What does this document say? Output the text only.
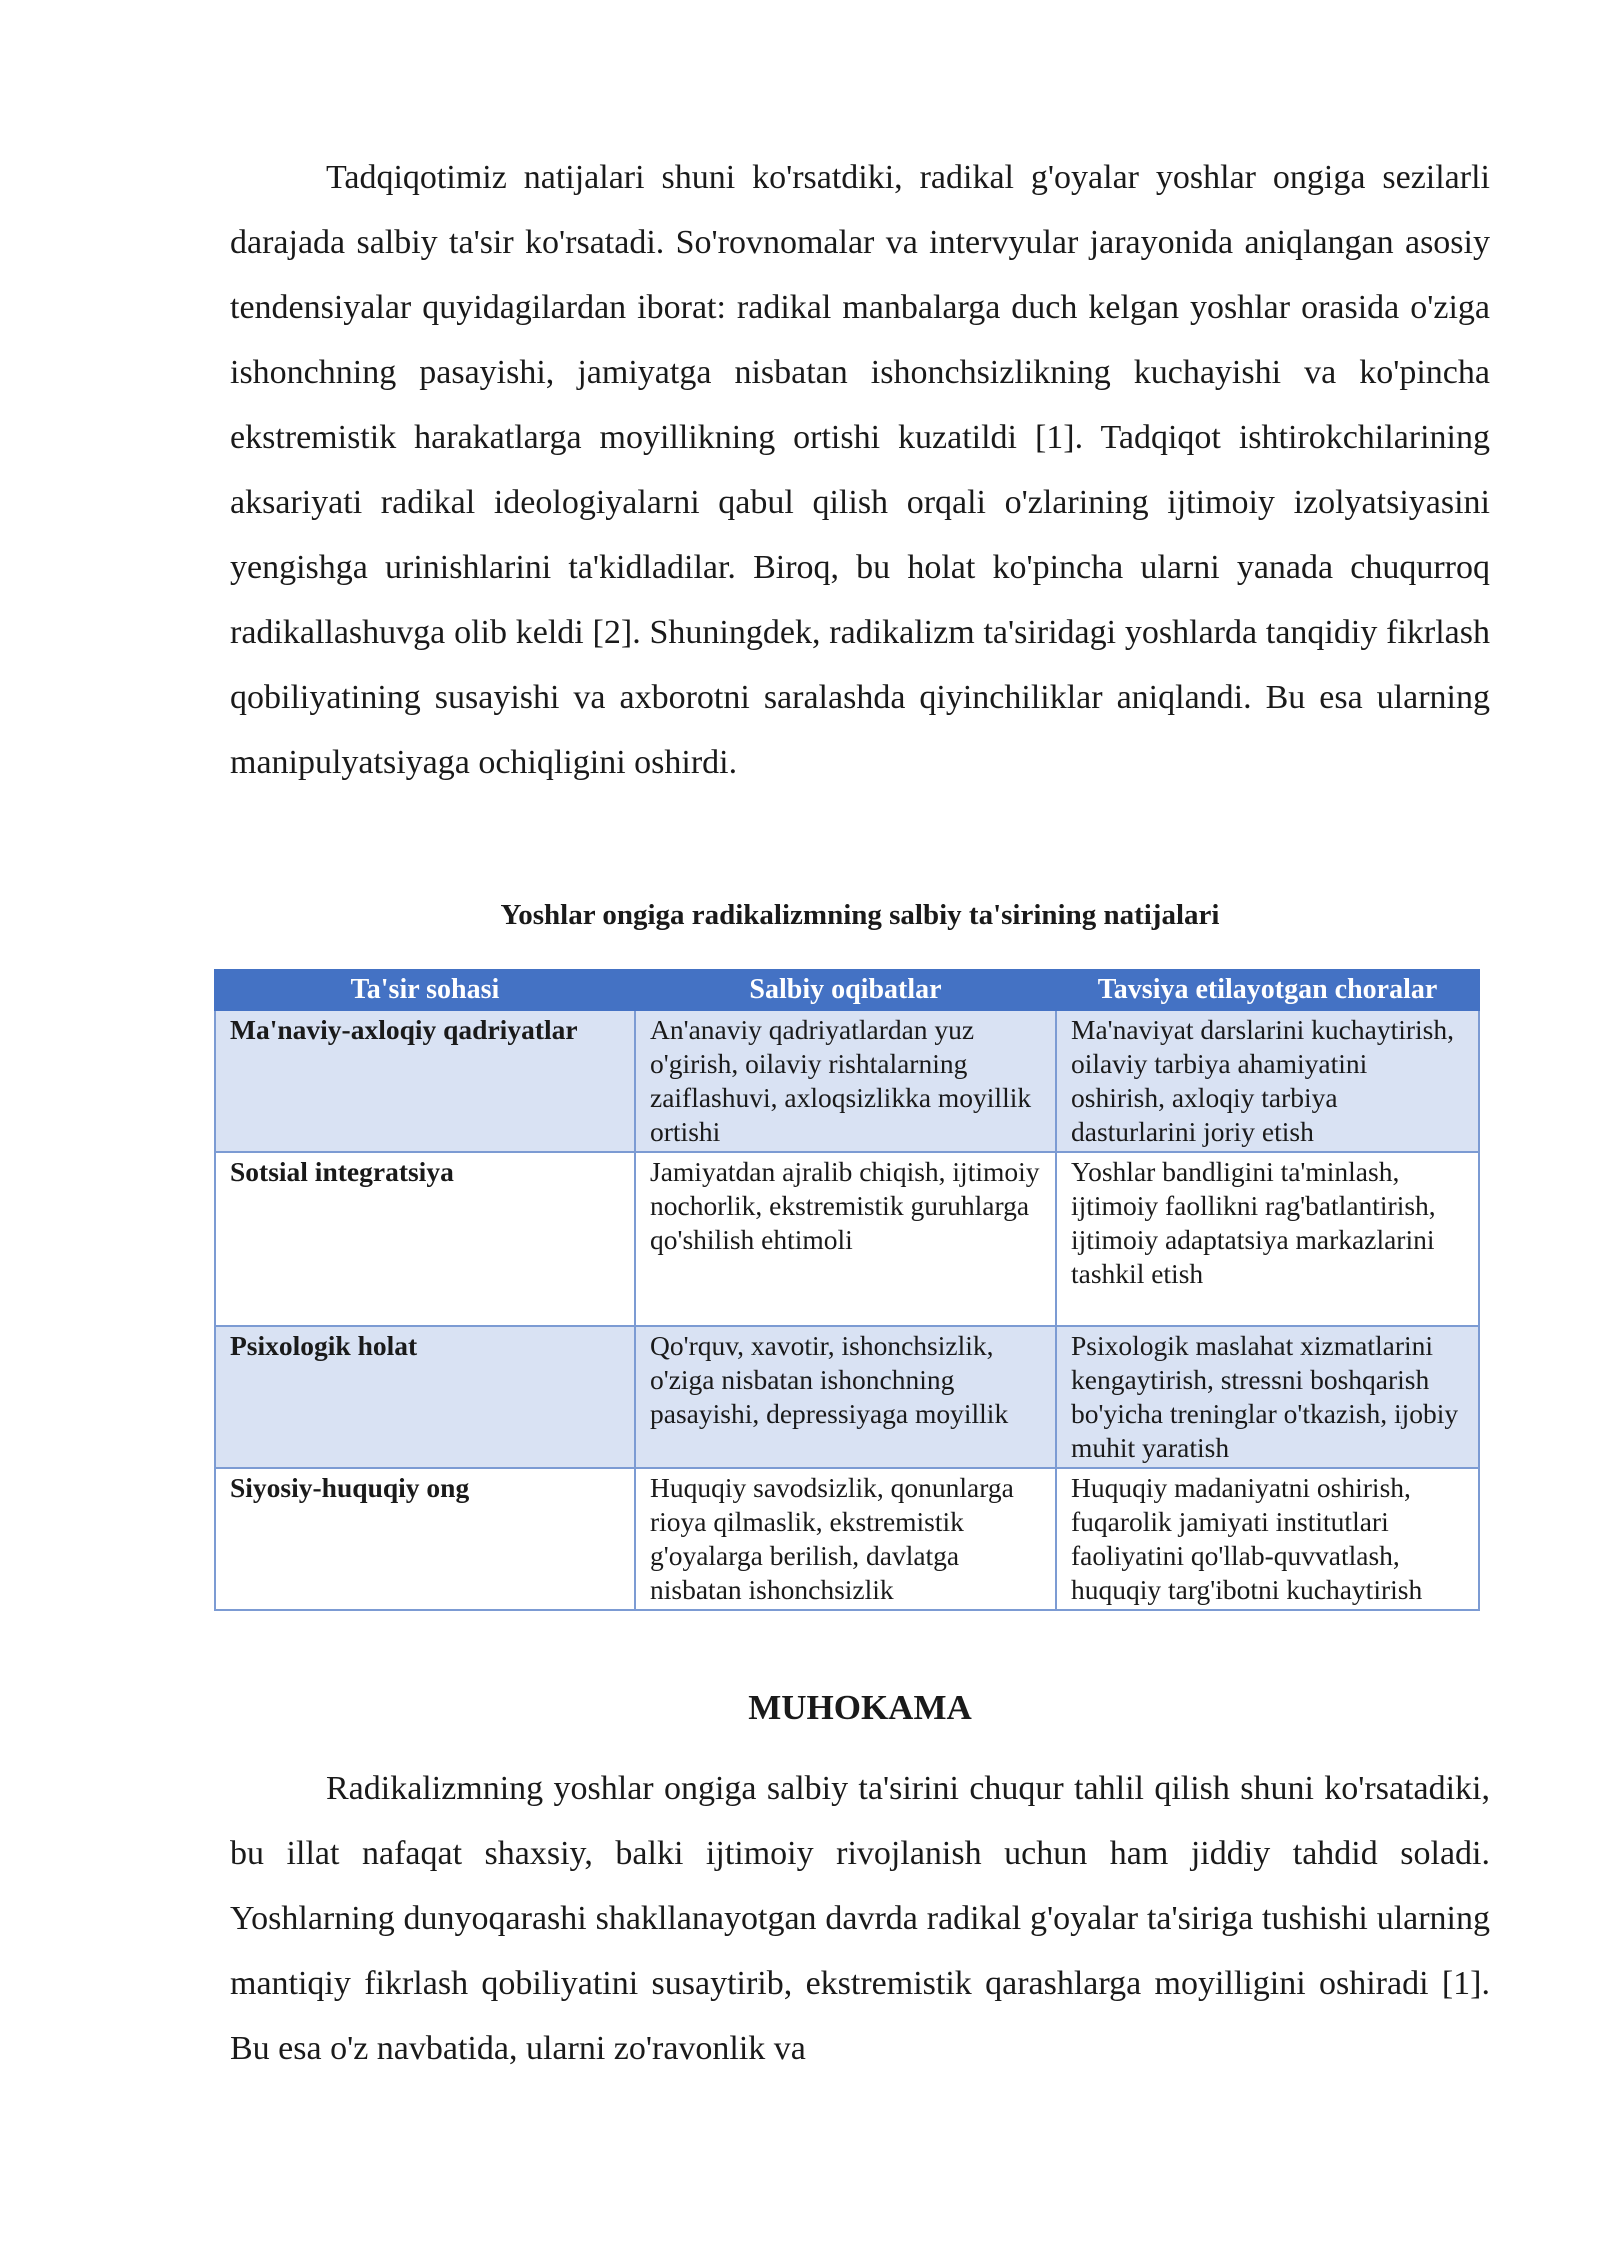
Tadqiqotimiz natijalari shuni ko'rsatdiki, radikal g'oyalar yoshlar ongiga sezilarli darajada salbiy ta'sir ko'rsatadi. So'rovnomalar va intervyular jarayonida aniqlangan asosiy tendensiyalar quyidagilardan iborat: radikal manbalarga duch kelgan yoshlar orasida o'ziga ishonchning pasayishi, jamiyatga nisbatan ishonchsizlikning kuchayishi va ko'pincha ekstremistik harakatlarga moyillikning ortishi kuzatildi [1]. Tadqiqot ishtirokchilarining aksariyati radikal ideologiyalarni qabul qilish orqali o'zlarining ijtimoiy izolyatsiyasini yengishga urinishlarini ta'kidladilar. Biroq, bu holat ko'pincha ularni yanada chuqurroq radikallashuvga olib keldi [2]. Shuningdek, radikalizm ta'siridagi yoshlarda tanqidiy fikrlash qobiliyatining susayishi va axborotni saralashda qiyinchiliklar aniqlandi. Bu esa ularning manipulyatsiyaga ochiqligini oshirdi.

Yoshlar ongiga radikalizmning salbiy ta'sirining natijalari
Ta'sir sohasi	Salbiy oqibatlar	Tavsiya etilayotgan choralar
Ma'naviy-axloqiy qadriyatlar	An'anaviy qadriyatlardan yuz o'girish, oilaviy rishtalarning zaiflashuvi, axloqsizlikka moyillik ortishi	Ma'naviyat darslarini kuchaytirish, oilaviy tarbiya ahamiyatini oshirish, axloqiy tarbiya dasturlarini joriy etish
Sotsial integratsiya	Jamiyatdan ajralib chiqish, ijtimoiy nochorlik, ekstremistik guruhlarga qo'shilish ehtimoli	Yoshlar bandligini ta'minlash, ijtimoiy faollikni rag'batlantirish, ijtimoiy adaptatsiya markazlarini tashkil etish
Psixologik holat	Qo'rquv, xavotir, ishonchsizlik, o'ziga nisbatan ishonchning pasayishi, depressiyaga moyillik	Psixologik maslahat xizmatlarini kengaytirish, stressni boshqarish bo'yicha treninglar o'tkazish, ijobiy muhit yaratish
Siyosiy-huquqiy ong	Huquqiy savodsizlik, qonunlarga rioya qilmaslik, ekstremistik g'oyalarga berilish, davlatga nisbatan ishonchsizlik	Huquqiy madaniyatni oshirish, fuqarolik jamiyati institutlari faoliyatini qo'llab-quvvatlash, huquqiy targ'ibotni kuchaytirish
MUHOKAMA

Radikalizmning yoshlar ongiga salbiy ta'sirini chuqur tahlil qilish shuni ko'rsatadiki, bu illat nafaqat shaxsiy, balki ijtimoiy rivojlanish uchun ham jiddiy tahdid soladi. Yoshlarning dunyoqarashi shakllanayotgan davrda radikal g'oyalar ta'siriga tushishi ularning mantiqiy fikrlash qobiliyatini susaytirib, ekstremistik qarashlarga moyilligini oshiradi [1]. Bu esa o'z navbatida, ularni zo'ravonlik va
